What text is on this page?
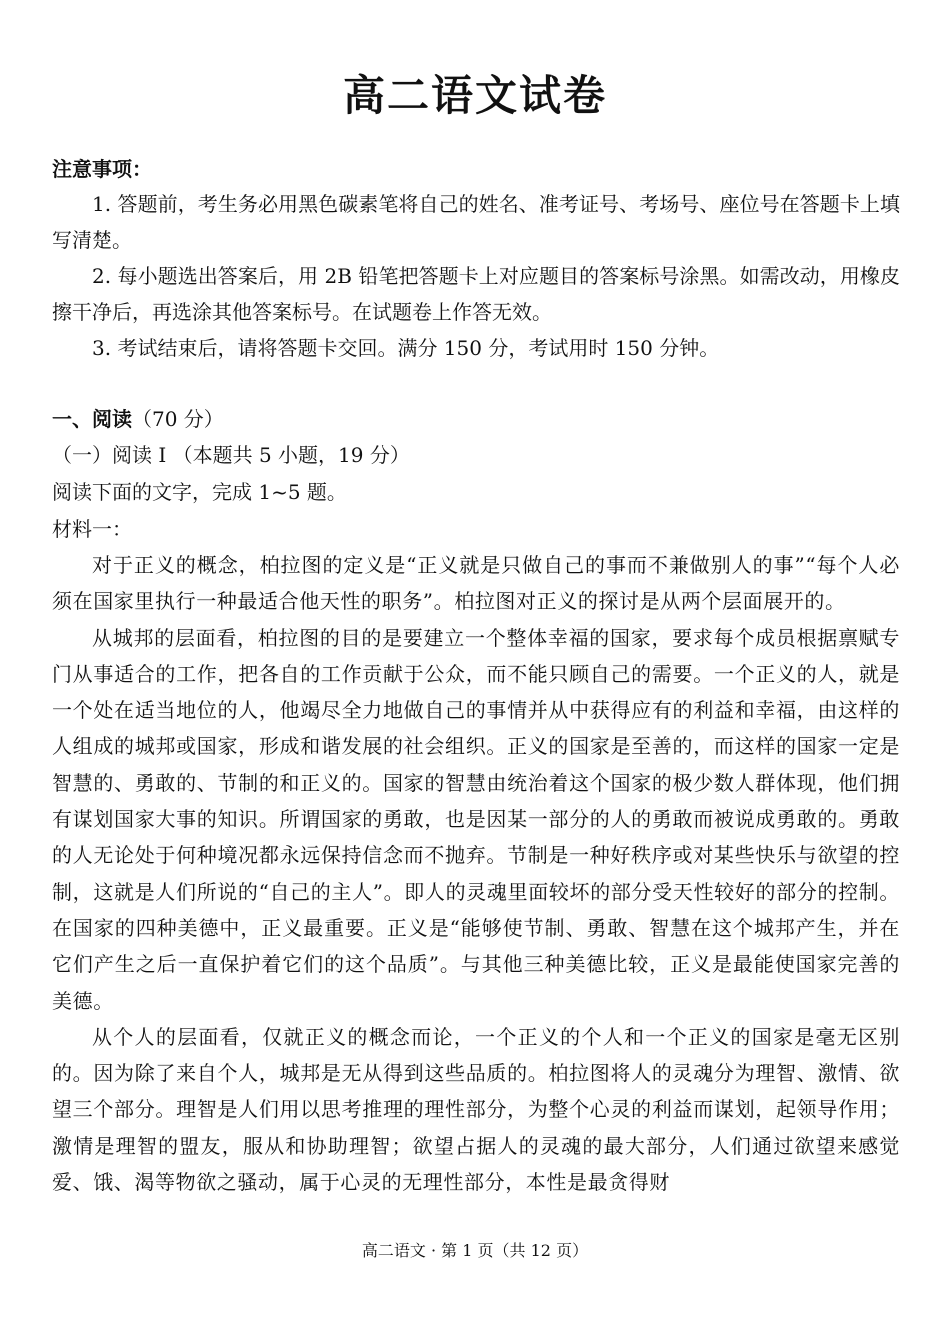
高二语文试卷
注意事项：
1. 答题前，考生务必用黑色碳素笔将自己的姓名、准考证号、考场号、座位号在答题卡上填写清楚。
2. 每小题选出答案后，用 2B 铅笔把答题卡上对应题目的答案标号涂黑。如需改动，用橡皮擦干净后，再选涂其他答案标号。在试题卷上作答无效。
3. 考试结束后，请将答题卡交回。满分 150 分，考试用时 150 分钟。
一、阅读（70 分）
（一）阅读 I （本题共 5 小题，19 分）
阅读下面的文字，完成 1~5 题。
材料一：

对于正义的概念，柏拉图的定义是“正义就是只做自己的事而不兼做别人的事”“每个人必须在国家里执行一种最适合他天性的职务”。柏拉图对正义的探讨是从两个层面展开的。

从城邦的层面看，柏拉图的目的是要建立一个整体幸福的国家，要求每个成员根据禀赋专门从事适合的工作，把各自的工作贡献于公众，而不能只顾自己的需要。一个正义的人，就是一个处在适当地位的人，他竭尽全力地做自己的事情并从中获得应有的利益和幸福，由这样的人组成的城邦或国家，形成和谐发展的社会组织。正义的国家是至善的，而这样的国家一定是智慧的、勇敢的、节制的和正义的。国家的智慧由统治着这个国家的极少数人群体现，他们拥有谋划国家大事的知识。所谓国家的勇敢，也是因某一部分的人的勇敢而被说成勇敢的。勇敢的人无论处于何种境况都永远保持信念而不抛弃。节制是一种好秩序或对某些快乐与欲望的控制，这就是人们所说的“自己的主人”。即人的灵魂里面较坏的部分受天性较好的部分的控制。在国家的四种美德中，正义最重要。正义是“能够使节制、勇敢、智慧在这个城邦产生，并在它们产生之后一直保护着它们的这个品质”。与其他三种美德比较，正义是最能使国家完善的美德。

从个人的层面看，仅就正义的概念而论，一个正义的个人和一个正义的国家是毫无区别的。因为除了来自个人，城邦是无从得到这些品质的。柏拉图将人的灵魂分为理智、激情、欲望三个部分。理智是人们用以思考推理的理性部分，为整个心灵的利益而谋划，起领导作用；激情是理智的盟友，服从和协助理智；欲望占据人的灵魂的最大部分，人们通过欲望来感觉爱、饿、渴等物欲之骚动，属于心灵的无理性部分，本性是最贪得财

高二语文 · 第 1 页（共 12 页）
